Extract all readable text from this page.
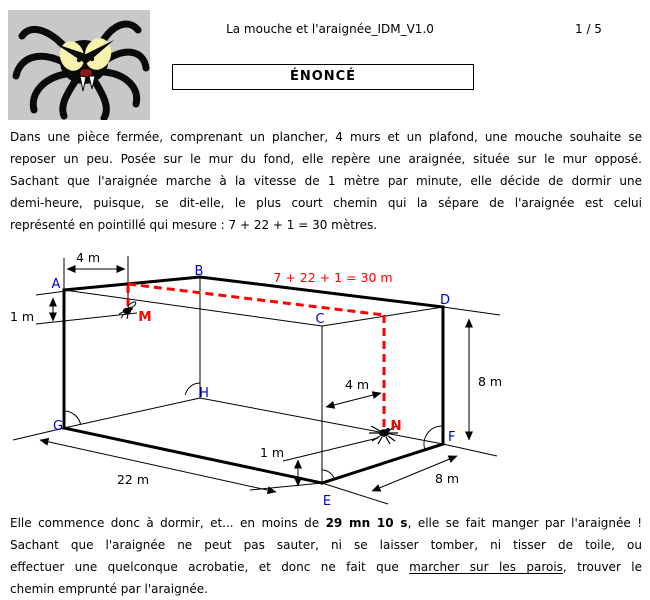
La mouche et l'araignée_IDM_V1.0	1 / 5
ÉNONCÉ
Dans une pièce fermée, comprenant un plancher, 4 murs et un plafond, une mouche souhaite se
reposer un peu. Posée sur le mur du fond, elle repère une araignée, située sur le mur opposé.
Sachant que l'araignée marche à la vitesse de 1 mètre par minute, elle décide de dormir une
demi-heure, puisque, se dit-elle, le plus court chemin qui la sépare de l'araignée est celui
représenté en pointillé qui mesure : 7 + 22 + 1 = 30 mètres.
A
B
C
D
E
F
G
H
4 m
1 m
22 m
8 m
8 m
4 m
1 m
7 + 22 + 1 = 30 m
M
N
Elle commence donc à dormir, et... en moins de 29 mn 10 s, elle se fait manger par l'araignée !
Sachant que l'araignée ne peut pas sauter, ni se laisser tomber, ni tisser de toile, ou
effectuer une quelconque acrobatie, et donc ne fait que marcher sur les parois, trouver le
chemin emprunté par l'araignée.
